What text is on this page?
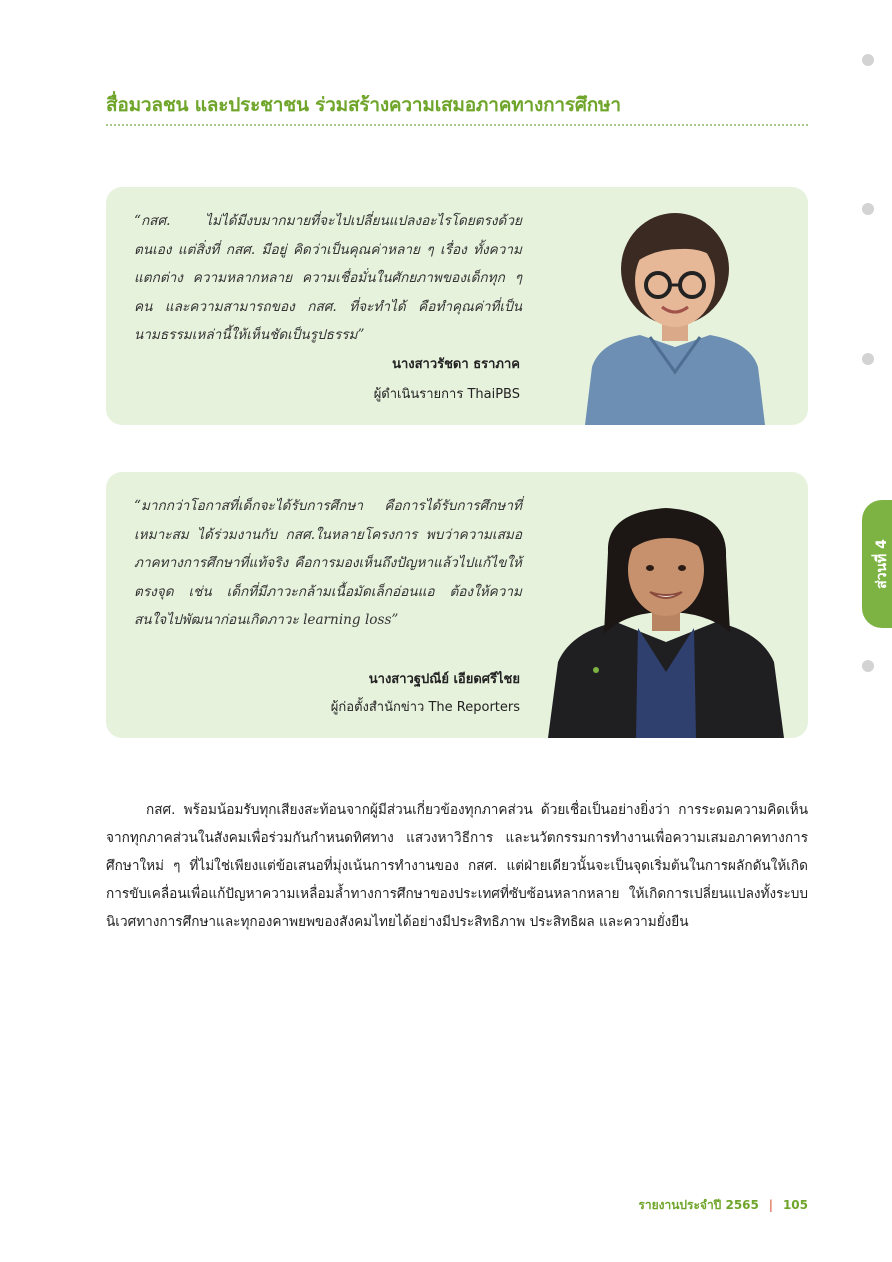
สื่อมวลชน และประชาชน ร่วมสร้างความเสมอภาคทางการศึกษา
ส่วนที่ 4
“กสศ. ไม่ได้มีงบมากมายที่จะไปเปลี่ยนแปลงอะไรโดยตรงด้วยตนเอง แต่สิ่งที่ กสศ. มีอยู่ คิดว่าเป็นคุณค่าหลาย ๆ เรื่อง ทั้งความแตกต่าง ความหลากหลาย ความเชื่อมั่นในศักยภาพของเด็กทุก ๆ คน และความสามารถของ กสศ. ที่จะทำได้ คือทำคุณค่าที่เป็นนามธรรมเหล่านี้ให้เห็นชัดเป็นรูปธรรม”
นางสาวรัชดา ธราภาค
ผู้ดำเนินรายการ ThaiPBS
“มากกว่าโอกาสที่เด็กจะได้รับการศึกษา คือการได้รับการศึกษาที่เหมาะสม ได้ร่วมงานกับ กสศ.ในหลายโครงการ พบว่าความเสมอภาคทางการศึกษาที่แท้จริง คือการมองเห็นถึงปัญหาแล้วไปแก้ไขให้ตรงจุด เช่น เด็กที่มีภาวะกล้ามเนื้อมัดเล็กอ่อนแอ ต้องให้ความสนใจไปพัฒนาก่อนเกิดภาวะ learning loss”
นางสาวฐปณีย์ เอียดศรีไชย
ผู้ก่อตั้งสำนักข่าว The Reporters

กสศ. พร้อมน้อมรับทุกเสียงสะท้อนจากผู้มีส่วนเกี่ยวข้องทุกภาคส่วน ด้วยเชื่อเป็นอย่างยิ่งว่า การระดมความคิดเห็นจากทุกภาคส่วนในสังคมเพื่อร่วมกันกำหนดทิศทาง แสวงหาวิธีการ และนวัตกรรมการทำงานเพื่อความเสมอภาคทางการศึกษาใหม่ ๆ ที่ไม่ใช่เพียงแต่ข้อเสนอที่มุ่งเน้นการทำงานของ กสศ. แต่ฝ่ายเดียวนั้นจะเป็นจุดเริ่มต้นในการผลักดันให้เกิดการขับเคลื่อนเพื่อแก้ปัญหาความเหลื่อมล้ำทางการศึกษาของประเทศที่ซับซ้อนหลากหลาย ให้เกิดการเปลี่ยนแปลงทั้งระบบนิเวศทางการศึกษาและทุกองคาพยพของสังคมไทยได้อย่างมีประสิทธิภาพ ประสิทธิผล และความยั่งยืน

รายงานประจำปี 2565 | 105
